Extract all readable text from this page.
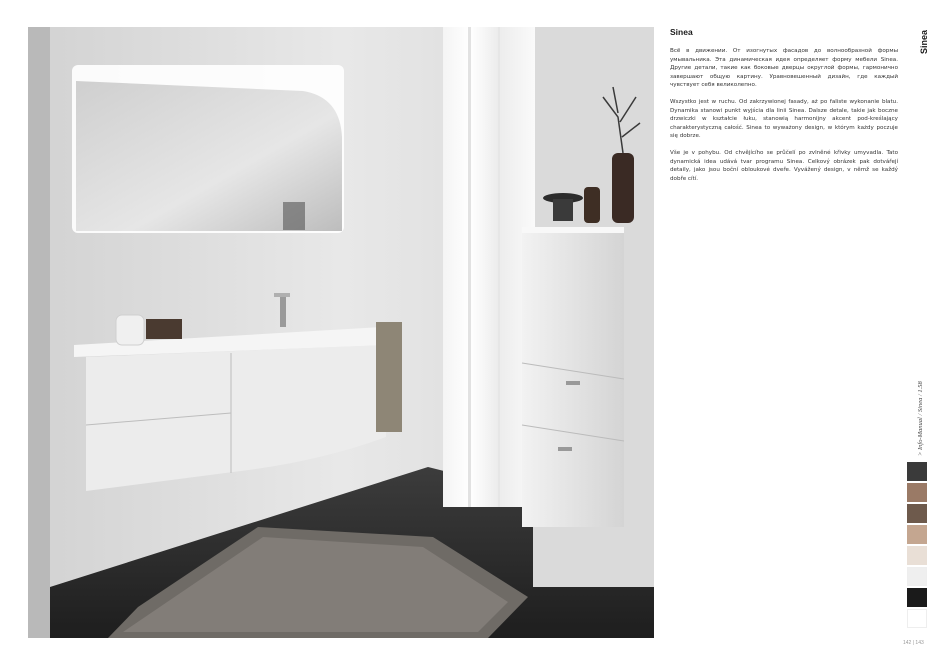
Sinea

Всё в движении. От изогнутых фасадов до волнообразной формы умывальника. Эта динамическая идея определяет форму мебели Sinea. Другие детали, такие как боковые дверцы округлой формы, гармонично завершают общую картину. Уравновешенный дизайн, где каждый чувствует себя великолепно.

Wszystko jest w ruchu. Od zakrzywionej fasady, aż po faliste wykonanie blatu. Dynamika stanowi punkt wyjścia dla linii Sinea. Dalsze detale, takie jak boczne drzwiczki w kształcie łuku, stanowią harmonijny akcent pod-kreślający charakterystyczną całość. Sinea to wyważony design, w którym każdy poczuje się dobrze.

Vše je v pohybu. Od chvějícího se průčelí po zvlněné křivky umyvadla. Tato dynamická idea udává tvar programu Sinea. Celkový obrázek pak dotvářejí detaily, jako jsou boční obloukové dveře. Vyvážený design, v němž se každý dobře cítí.

Sinea
> Info-Manual / Sinea / 1.58
142 | 143
